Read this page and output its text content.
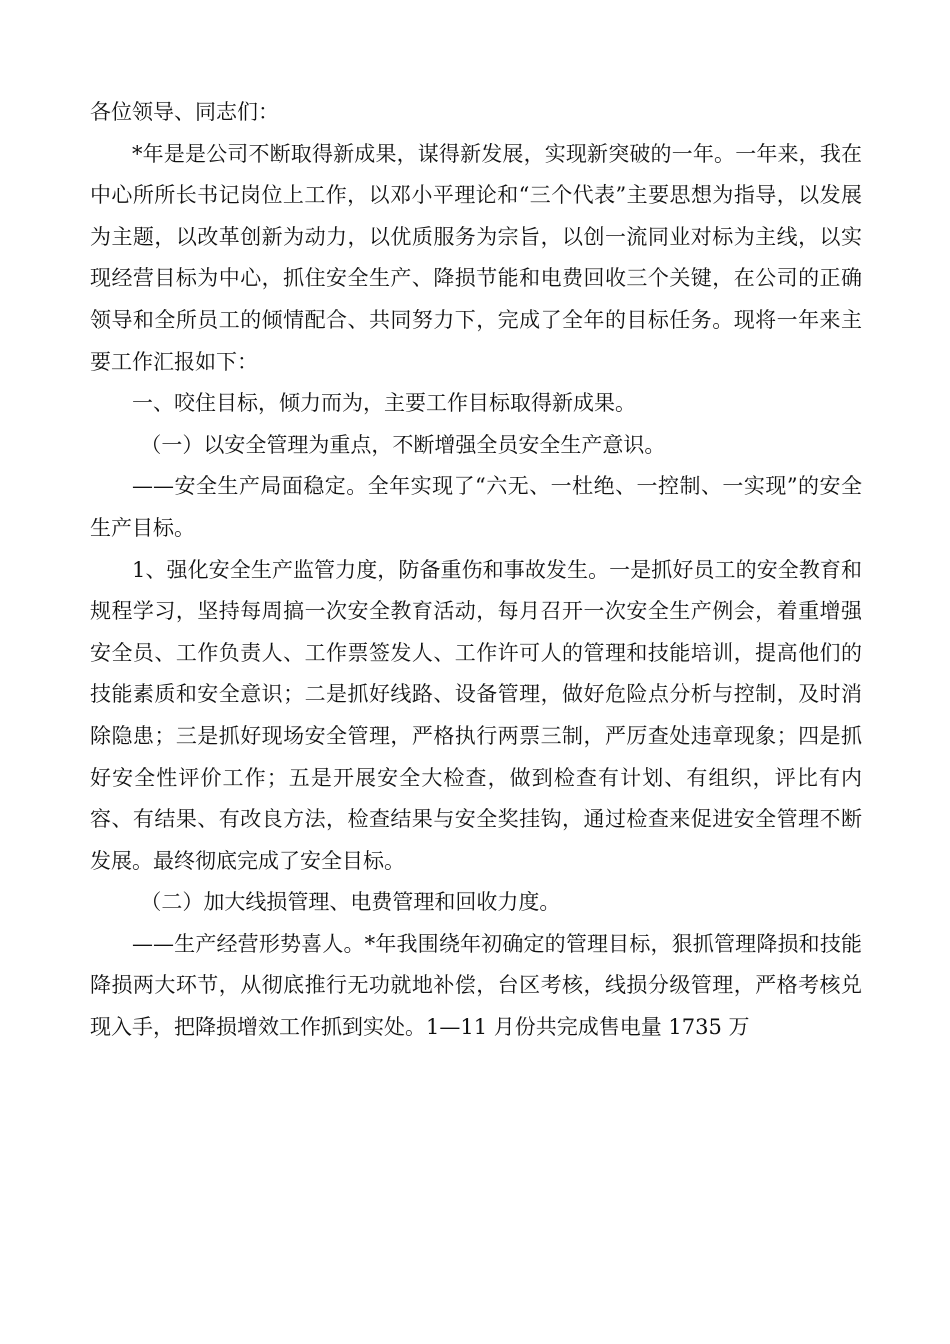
各位领导、同志们：

*年是是公司不断取得新成果，谋得新发展，实现新突破的一年。一年来，我在中心所所长书记岗位上工作，以邓小平理论和“三个代表”主要思想为指导，以发展为主题，以改革创新为动力，以优质服务为宗旨，以创一流同业对标为主线，以实现经营目标为中心，抓住安全生产、降损节能和电费回收三个关键，在公司的正确领导和全所员工的倾情配合、共同努力下，完成了全年的目标任务。现将一年来主要工作汇报如下：

一、咬住目标，倾力而为，主要工作目标取得新成果。

（一）以安全管理为重点，不断增强全员安全生产意识。

——安全生产局面稳定。全年实现了“六无、一杜绝、一控制、一实现”的安全生产目标。

1、强化安全生产监管力度，防备重伤和事故发生。一是抓好员工的安全教育和规程学习，坚持每周搞一次安全教育活动，每月召开一次安全生产例会，着重增强安全员、工作负责人、工作票签发人、工作许可人的管理和技能培训，提高他们的技能素质和安全意识；二是抓好线路、设备管理，做好危险点分析与控制，及时消除隐患；三是抓好现场安全管理，严格执行两票三制，严厉查处违章现象；四是抓好安全性评价工作；五是开展安全大检查，做到检查有计划、有组织，评比有内容、有结果、有改良方法，检查结果与安全奖挂钩，通过检查来促进安全管理不断发展。最终彻底完成了安全目标。

（二）加大线损管理、电费管理和回收力度。

——生产经营形势喜人。*年我围绕年初确定的管理目标，狠抓管理降损和技能降损两大环节，从彻底推行无功就地补偿，台区考核，线损分级管理，严格考核兑现入手，把降损增效工作抓到实处。1—11 月份共完成售电量 1735 万
